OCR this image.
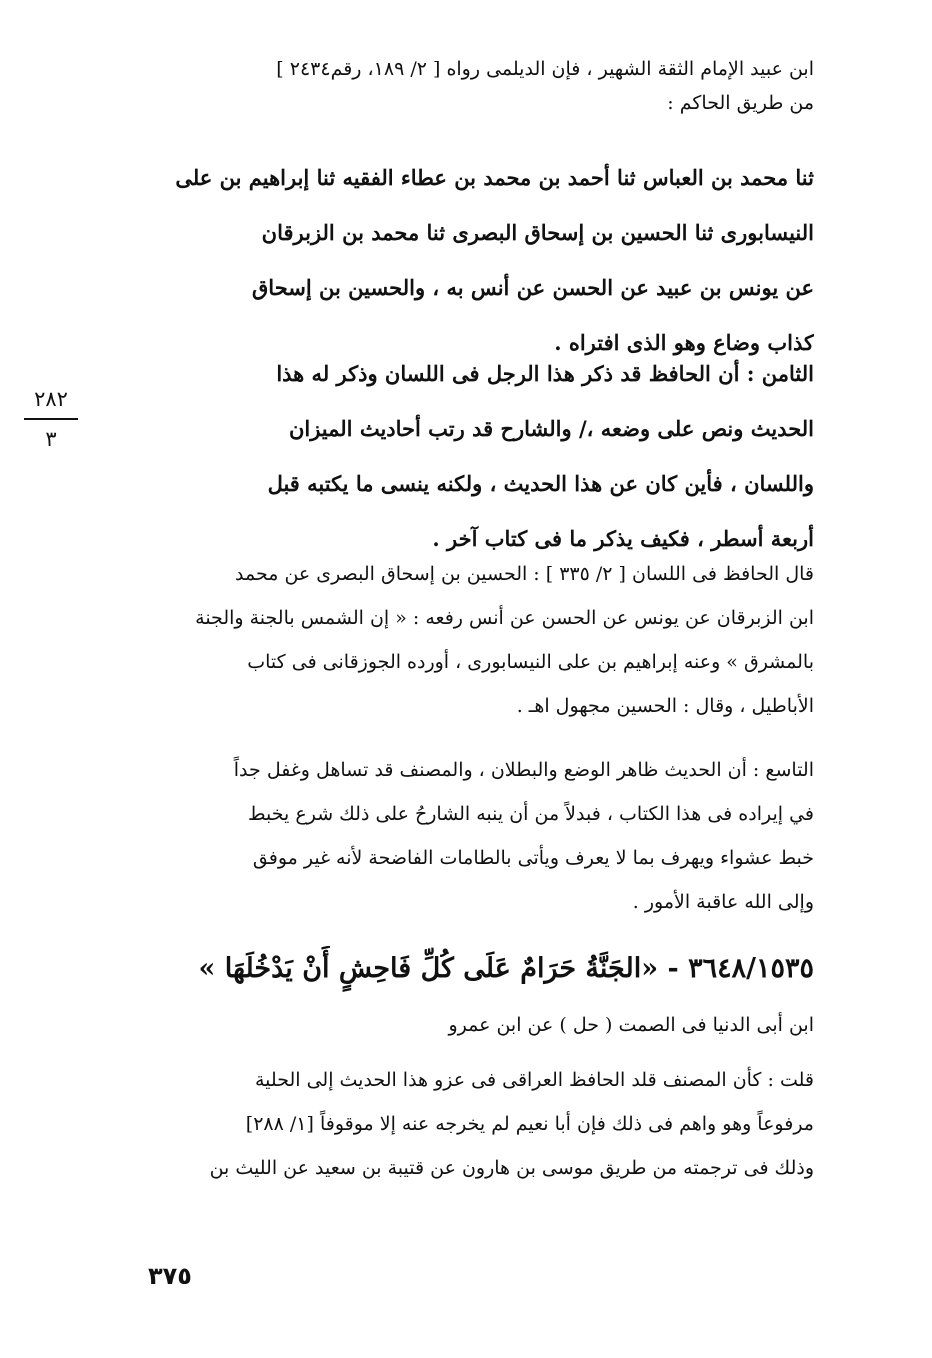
ابن عبيد الإمام الثقة الشهير ، فإن الديلمى رواه [ ٢/ ١٨٩، رقم٢٤٣٤ ]
من طريق الحاكم :
ثنا محمد بن العباس ثنا أحمد بن محمد بن عطاء الفقيه ثنا إبراهيم بن على
النيسابورى ثنا الحسين بن إسحاق البصرى ثنا محمد بن الزبرقان
عن يونس بن عبيد عن الحسن عن أنس به ، والحسين بن إسحاق
كذاب وضاع وهو الذى افتراه .
الثامن : أن الحافظ قد ذكر هذا الرجل فى اللسان وذكر له هذا
الحديث ونص على وضعه ،/ والشارح قد رتب أحاديث الميزان
واللسان ، فأين كان عن هذا الحديث ، ولكنه ينسى ما يكتبه قبل
أربعة أسطر ، فكيف يذكر ما فى كتاب آخر .
٢٨٢
٣
قال الحافظ فى اللسان [ ٢/ ٣٣٥ ] : الحسين بن إسحاق البصرى عن محمد
ابن الزبرقان عن يونس عن الحسن عن أنس رفعه : « إن الشمس بالجنة والجنة
بالمشرق » وعنه إبراهيم بن على النيسابورى ، أورده الجوزقانى فى كتاب
الأباطيل ، وقال : الحسين مجهول اهـ .
التاسع : أن الحديث ظاهر الوضع والبطلان ، والمصنف قد تساهل وغفل جداً
في إيراده فى هذا الكتاب ، فبدلاً من أن ينبه الشارحُ على ذلك شرع يخبط
خبط عشواء ويهرف بما لا يعرف ويأتى بالطامات الفاضحة لأنه غير موفق
وإلى الله عاقبة الأمور .
٣٦٤٨/١٥٣٥ - «الجَنَّةُ حَرَامٌ عَلَى كُلِّ فَاحِشٍ أَنْ يَدْخُلَهَا »
ابن أبى الدنيا فى الصمت ( حل ) عن ابن عمرو
قلت : كأن المصنف قلد الحافظ العراقى فى عزو هذا الحديث إلى الحلية
مرفوعاً وهو واهم فى ذلك فإن أبا نعيم لم يخرجه عنه إلا موقوفاً [١/ ٢٨٨]
وذلك فى ترجمته من طريق موسى بن هارون عن قتيبة بن سعيد عن الليث بن
٣٧٥
